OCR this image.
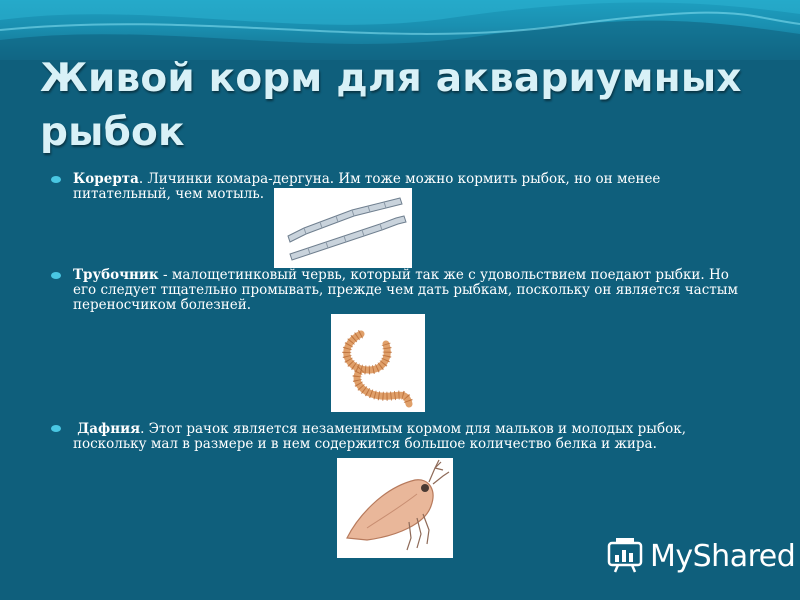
Живой корм для аквариумных рыбок

Корерта. Личинки комара-дергуна. Им тоже можно кормить рыбок, но он менее питательный, чем мотыль.

Трубочник - малощетинковый червь, который так же с удовольствием поедают рыбки. Но его следует тщательно промывать, прежде чем дать рыбкам, поскольку он является частым переносчиком болезней.

Дафния. Этот рачок является незаменимым кормом для мальков и молодых рыбок, поскольку мал в размере и в нем содержится большое количество белка и жира.

MyShared
